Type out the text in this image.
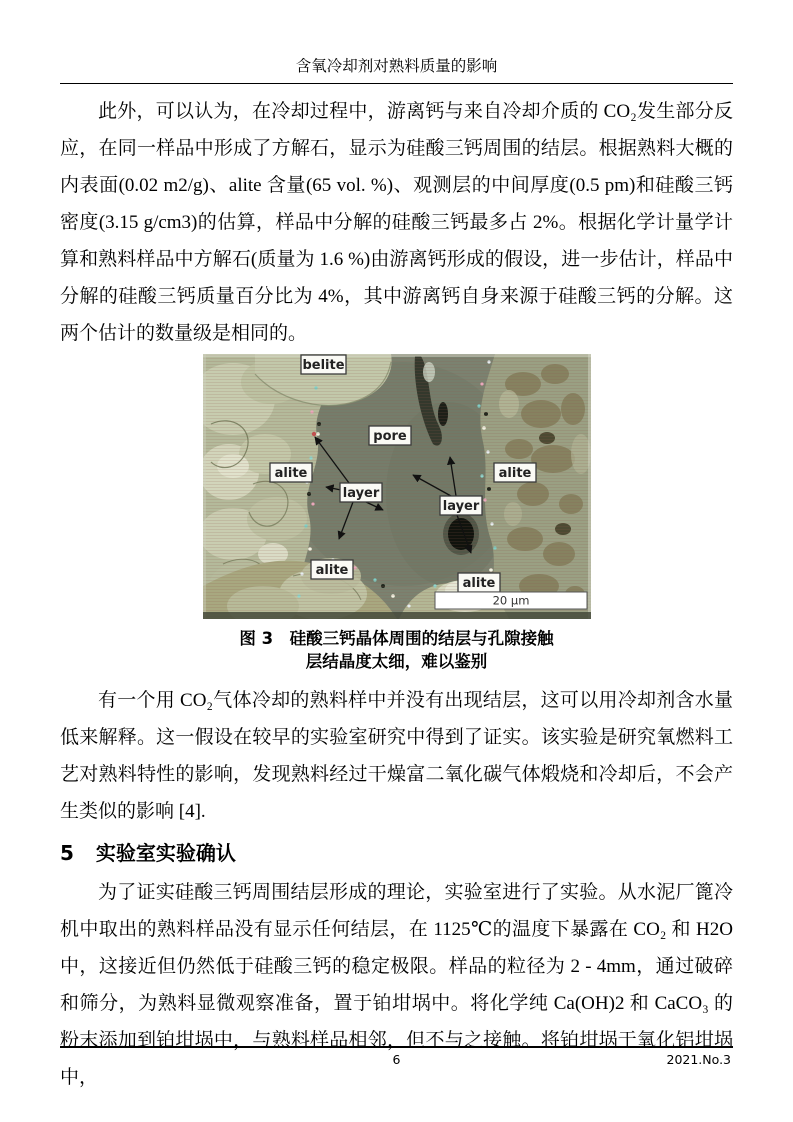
含氧冷却剂对熟料质量的影响

此外，可以认为，在冷却过程中，游离钙与来自冷却介质的 CO₂发生部分反应，在同一样品中形成了方解石，显示为硅酸三钙周围的结层。根据熟料大概的内表面(0.02 m2/g)、alite 含量(65 vol. %)、观测层的中间厚度(0.5 pm)和硅酸三钙密度(3.15 g/cm3)的估算，样品中分解的硅酸三钙最多占 2%。根据化学计量学计算和熟料样品中方解石(质量为 1.6 %)由游离钙形成的假设，进一步估计，样品中分解的硅酸三钙质量百分比为 4%，其中游离钙自身来源于硅酸三钙的分解。这两个估计的数量级是相同的。

belite
pore
alite
layer
alite
layer
alite
alite
20 μm
图 3　硅酸三钙晶体周围的结层与孔隙接触
层结晶度太细，难以鉴别

有一个用 CO₂气体冷却的熟料样中并没有出现结层，这可以用冷却剂含水量低来解释。这一假设在较早的实验室研究中得到了证实。该实验是研究氧燃料工艺对熟料特性的影响，发现熟料经过干燥富二氧化碳气体煅烧和冷却后，不会产生类似的影响 [4].

5 实验室实验确认

为了证实硅酸三钙周围结层形成的理论，实验室进行了实验。从水泥厂篦冷机中取出的熟料样品没有显示任何结层，在 1125℃的温度下暴露在 CO₂ 和 H2O 中，这接近但仍然低于硅酸三钙的稳定极限。样品的粒径为 2 - 4mm，通过破碎和筛分，为熟料显微观察准备，置于铂坩埚中。将化学纯 Ca(OH)2 和 CaCO₃ 的粉末添加到铂坩埚中，与熟料样品相邻，但不与之接触。将铂坩埚于氧化铝坩埚中，

6	2021.No.3
